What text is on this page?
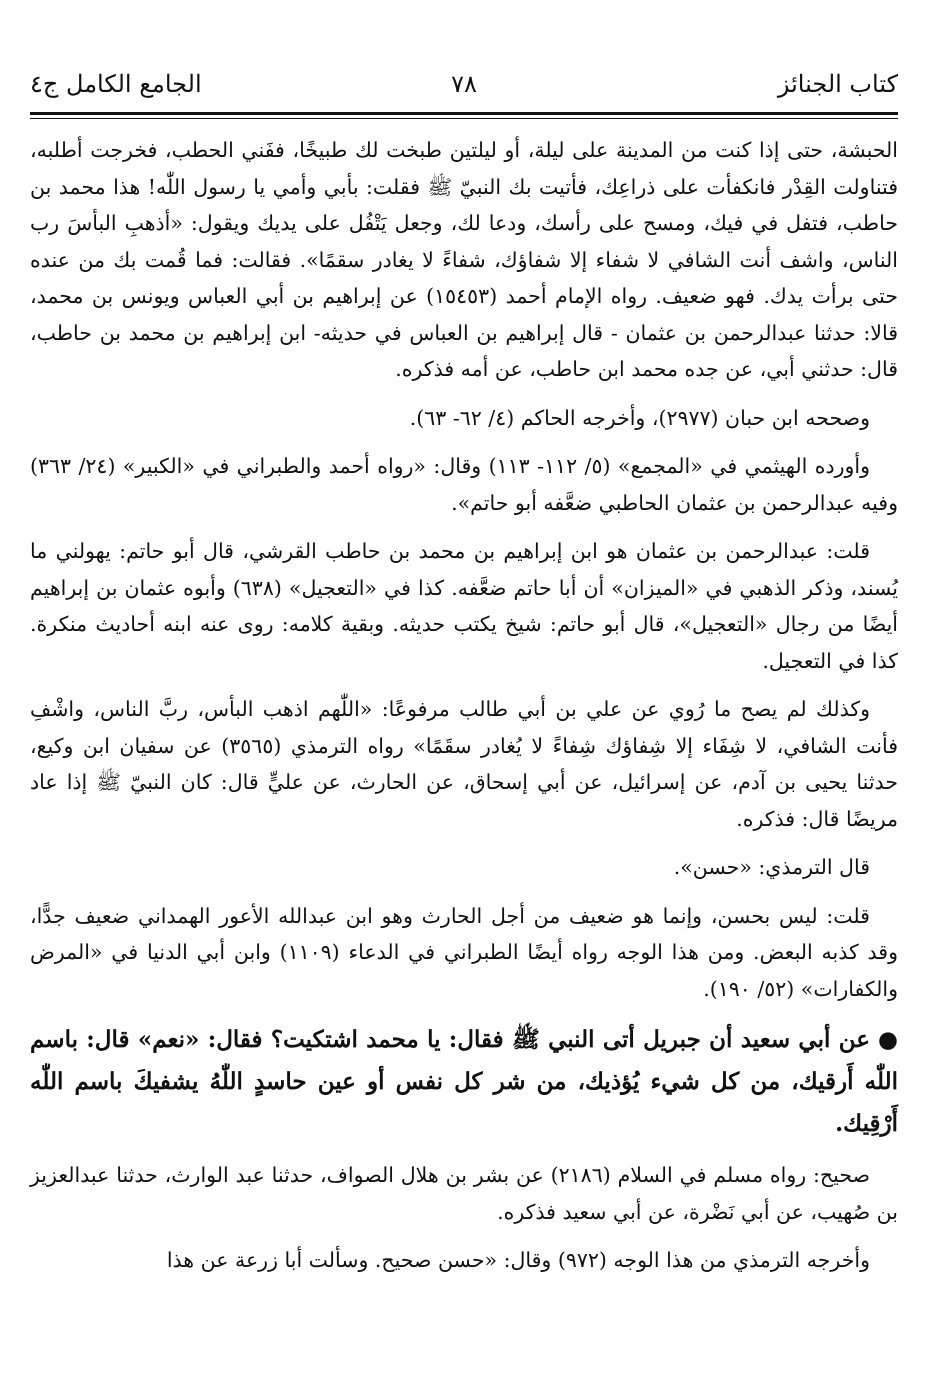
كتاب الجنائز
٧٨
الجامع الكامل ج٤

الحبشة، حتى إذا كنت من المدينة على ليلة، أو ليلتين طبخت لك طبيخًا، ففَني الحطب، فخرجت أطلبه، فتناولت القِدْر فانكفأت على ذراعِك، فأتيت بك النبيّ ﷺ فقلت: بأبي وأمي يا رسول اللّٰه! هذا محمد بن حاطب، فتفل في فيك، ومسح على رأسك، ودعا لك، وجعل يَتْفُل على يديك ويقول: «أذهبِ البأسَ رب الناس، واشف أنت الشافي لا شفاء إلا شفاؤك، شفاءً لا يغادر سقمًا». فقالت: فما قُمت بك من عنده حتى برأت يدك. فهو ضعيف. رواه الإمام أحمد (١٥٤٥٣) عن إبراهيم بن أبي العباس ويونس بن محمد، قالا: حدثنا عبدالرحمن بن عثمان - قال إبراهيم بن العباس في حديثه- ابن إبراهيم بن محمد بن حاطب، قال: حدثني أبي، عن جده محمد ابن حاطب، عن أمه فذكره.

وصححه ابن حبان (٢٩٧٧)، وأخرجه الحاكم (٤/ ٦٢- ٦٣).

وأورده الهيثمي في «المجمع» (٥/ ١١٢- ١١٣) وقال: «رواه أحمد والطبراني في «الكبير» (٢٤/ ٣٦٣) وفيه عبدالرحمن بن عثمان الحاطبي ضعَّفه أبو حاتم».

قلت: عبدالرحمن بن عثمان هو ابن إبراهيم بن محمد بن حاطب القرشي، قال أبو حاتم: يهولني ما يُسند، وذكر الذهبي في «الميزان» أن أبا حاتم ضعَّفه. كذا في «التعجيل» (٦٣٨) وأبوه عثمان بن إبراهيم أيضًا من رجال «التعجيل»، قال أبو حاتم: شيخ يكتب حديثه. وبقية كلامه: روى عنه ابنه أحاديث منكرة. كذا في التعجيل.

وكذلك لم يصح ما رُوي عن علي بن أبي طالب مرفوعًا: «اللّٰهم اذهب البأس، ربَّ الناس، واشْفِ فأنت الشافي، لا شِفَاء إلا شِفاؤك شِفاءً لا يُغادر سقَمًا» رواه الترمذي (٣٥٦٥) عن سفيان ابن وكيع، حدثنا يحيى بن آدم، عن إسرائيل، عن أبي إسحاق، عن الحارث، عن عليٍّ قال: كان النبيّ ﷺ إذا عاد مريضًا قال: فذكره.

قال الترمذي: «حسن».

قلت: ليس بحسن، وإنما هو ضعيف من أجل الحارث وهو ابن عبدالله الأعور الهمداني ضعيف جدًّا، وقد كذبه البعض. ومن هذا الوجه رواه أيضًا الطبراني في الدعاء (١١٠٩) وابن أبي الدنيا في «المرض والكفارات» (٥٢/ ١٩٠).

●عن أبي سعيد أن جبريل أتى النبي ﷺ فقال: يا محمد اشتكيت؟ فقال: «نعم» قال: باسم اللّٰه أَرقيك، من كل شيء يُؤذيك، من شر كل نفس أو عين حاسدٍ اللّٰهُ يشفيكَ باسم اللّٰه أَرْقِيك.

صحيح: رواه مسلم في السلام (٢١٨٦) عن بشر بن هلال الصواف، حدثنا عبد الوارث، حدثنا عبدالعزيز بن صُهيب، عن أبي نَضْرة، عن أبي سعيد فذكره.

وأخرجه الترمذي من هذا الوجه (٩٧٢) وقال: «حسن صحيح. وسألت أبا زرعة عن هذا
